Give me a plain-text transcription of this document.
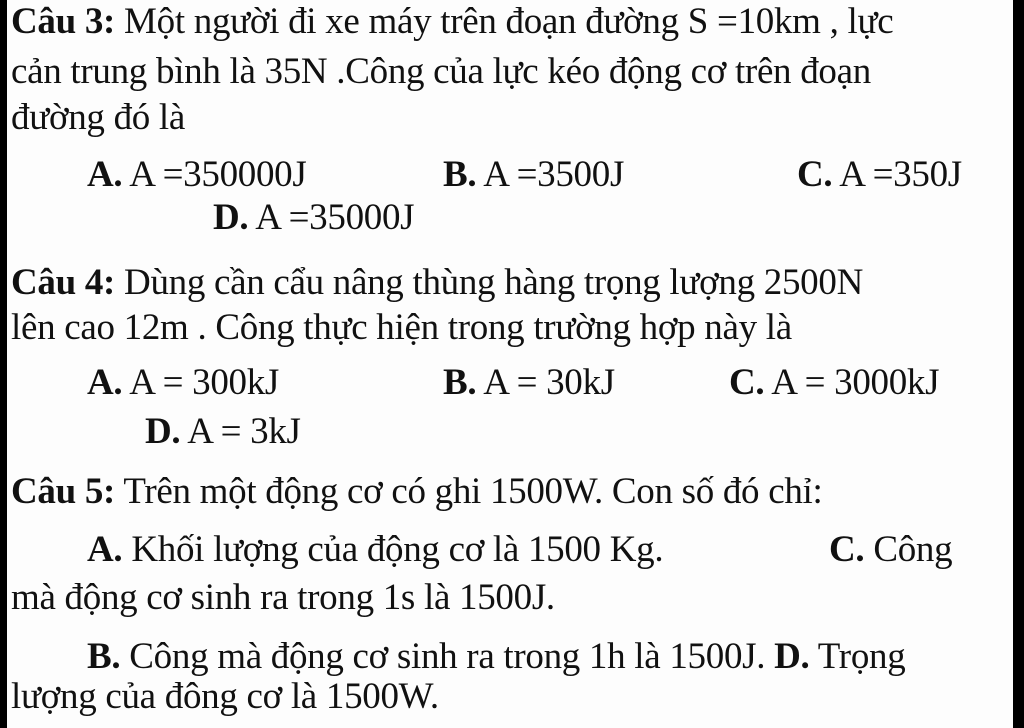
Câu 3: Một người đi xe máy trên đoạn đường S =10km , lực
cản trung bình là 35N .Công của lực kéo động cơ trên đoạn
đường đó là
A. A =350000J	B. A =3500J	C. A =350J
D. A =35000J
Câu 4: Dùng cần cẩu nâng thùng hàng trọng lượng 2500N
lên cao 12m . Công thực hiện trong trường hợp này là
A. A = 300kJ	B. A = 30kJ	C. A = 3000kJ
D. A = 3kJ
Câu 5: Trên một động cơ có ghi 1500W. Con số đó chỉ:
A. Khối lượng của động cơ là 1500 Kg.	C. Công
mà động cơ sinh ra trong 1s là 1500J.
B. Công mà động cơ sinh ra trong 1h là 1500J. D. Trọng
lượng của đông cơ là 1500W.
